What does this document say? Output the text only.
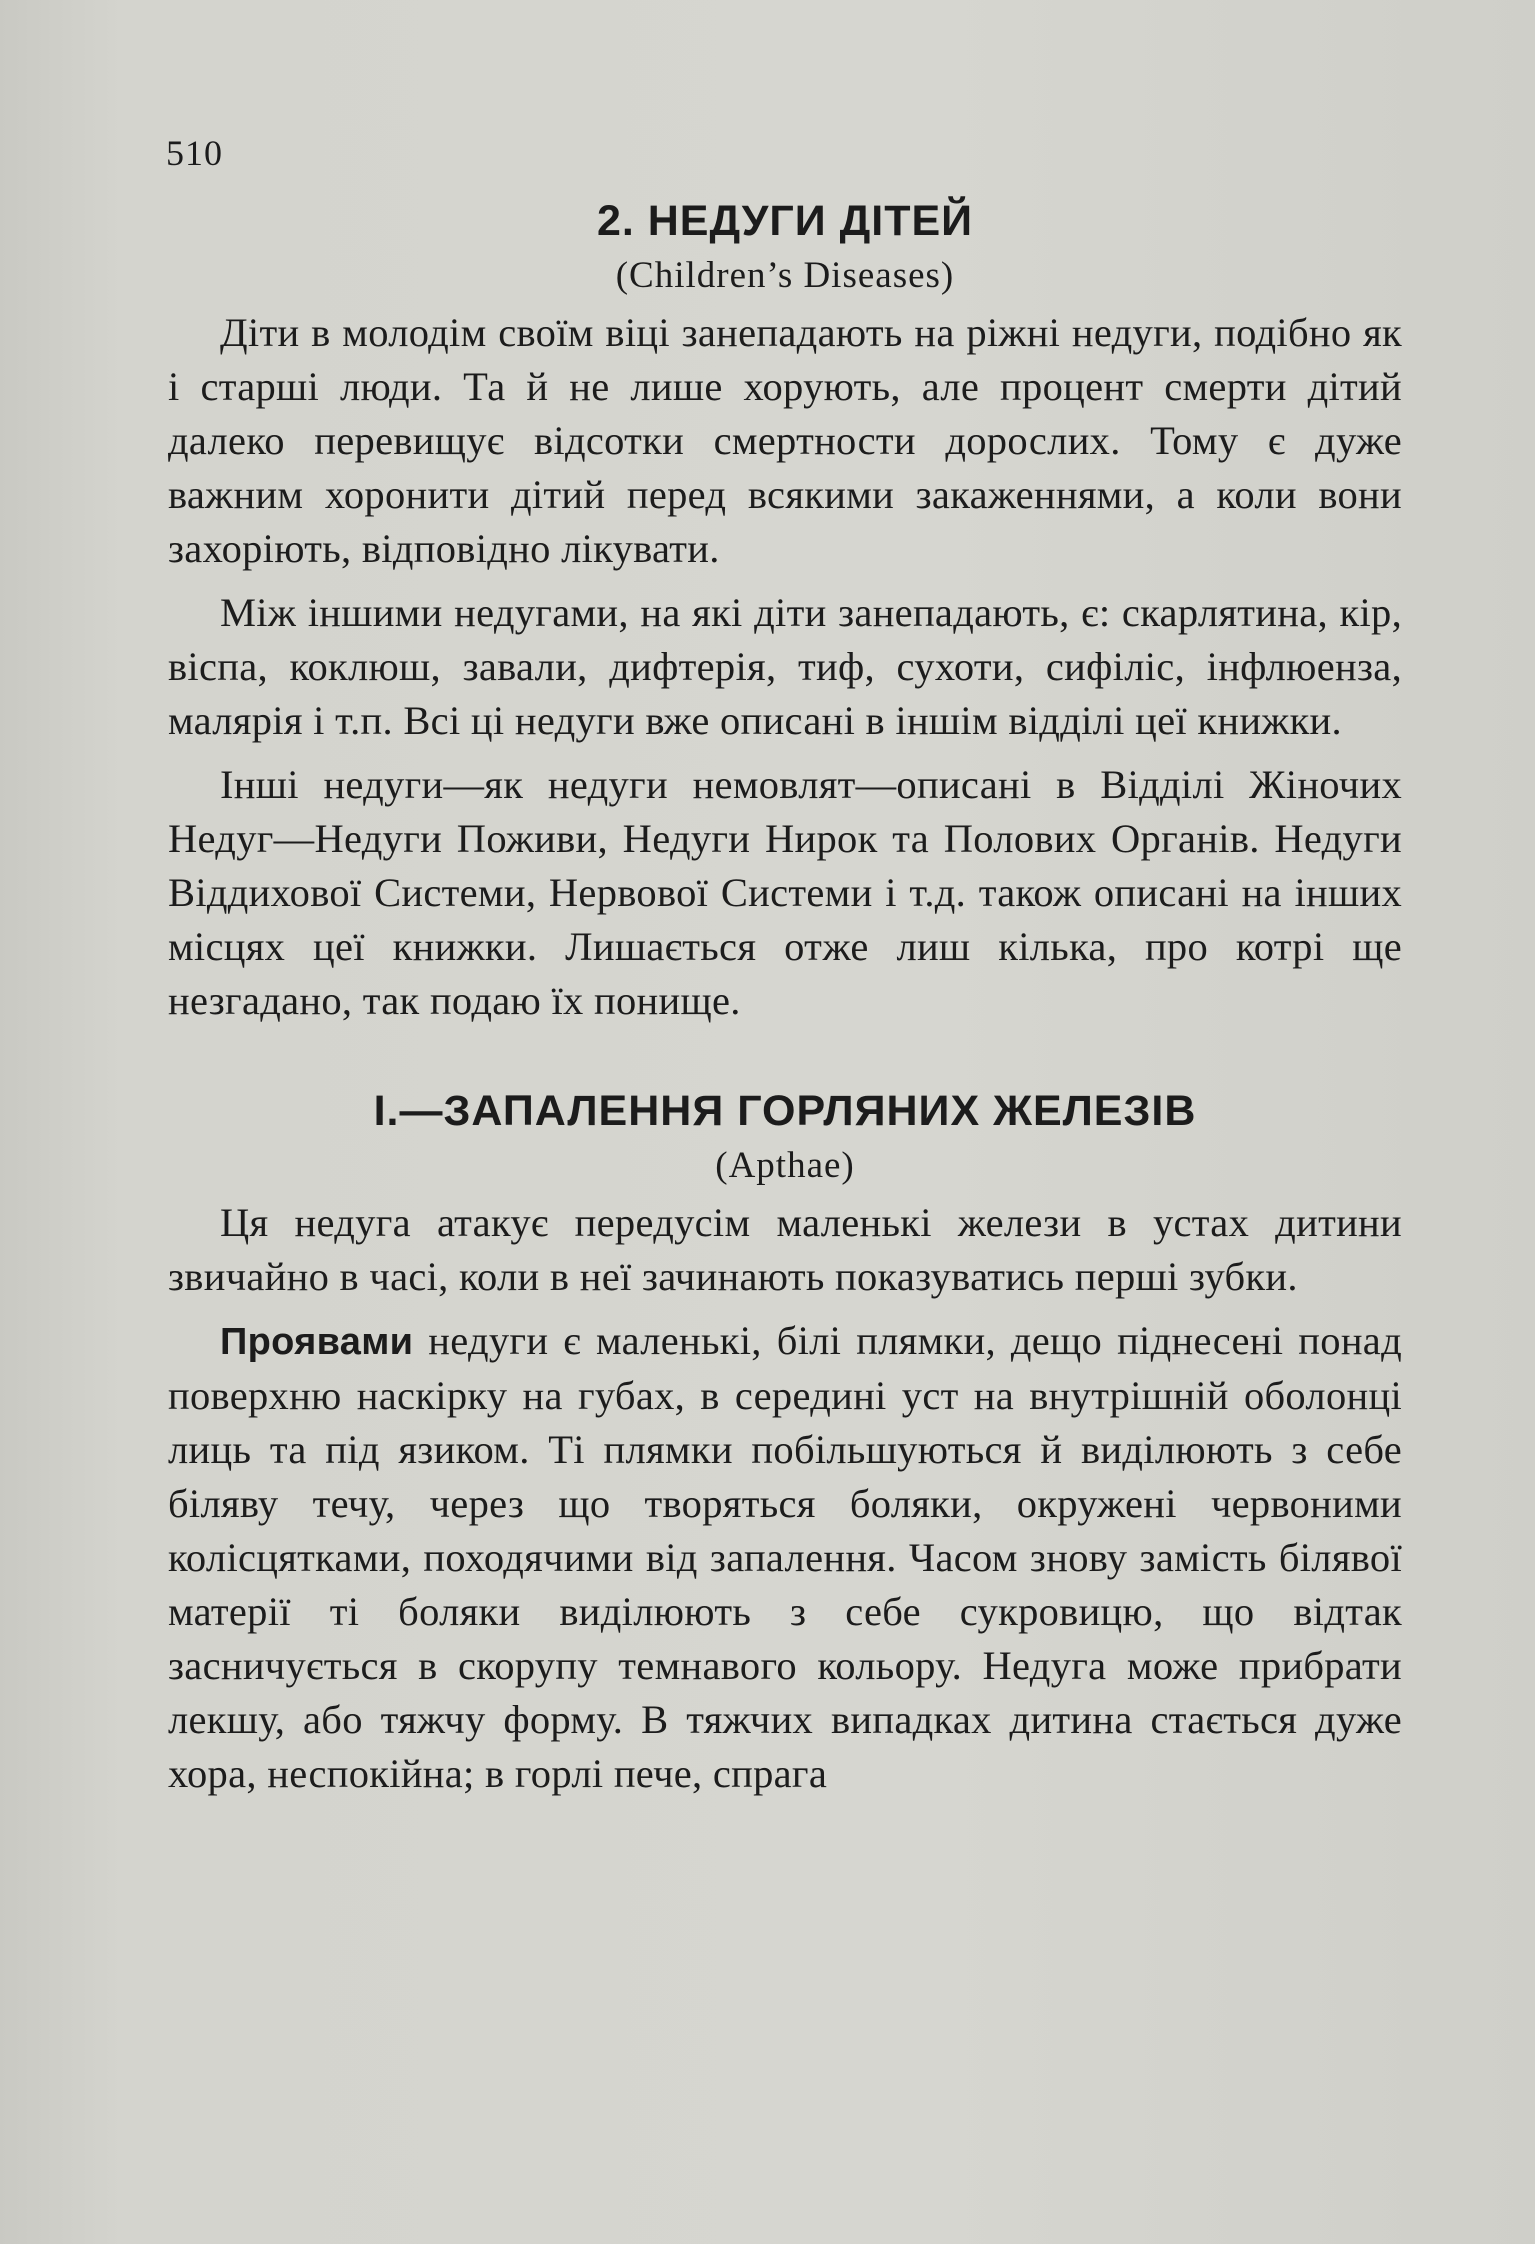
510
2. НЕДУГИ ДІТЕЙ

(Children’s Diseases)

Діти в молодім своїм віці занепадають на ріжні недуги, подібно як і старші люди. Та й не лише хорують, але процент смерти дітий далеко перевищує відсотки смертности дорослих. Тому є дуже важним хоронити дітий перед всякими закаженнями, а коли вони захоріють, відповідно лікувати.

Між іншими недугами, на які діти занепадають, є: скарлятина, кір, віспа, коклюш, завали, дифтерія, тиф, сухоти, сифіліс, інфлюенза, малярія і т.п. Всі ці недуги вже описані в іншім відділі цеї книжки.

Інші недуги—як недуги немовлят—описані в Відділі Жіночих Недуг—Недуги Поживи, Недуги Нирок та Полових Органів. Недуги Віддихової Системи, Нервової Системи і т.д. також описані на інших місцях цеї книжки. Лишається отже лиш кілька, про котрі ще незгадано, так подаю їх понище.

I.—ЗАПАЛЕННЯ ГОРЛЯНИХ ЖЕЛЕЗІВ

(Apthae)

Ця недуга атакує передусім маленькі желези в устах дитини звичайно в часі, коли в неї зачинають показуватись перші зубки.

Проявами недуги є маленькі, білі плямки, дещо піднесені понад поверхню наскірку на губах, в середині уст на внутрішній оболонці лиць та під язиком. Ті плямки побільшуються й виділюють з себе біляву течу, через що творяться боляки, окружені червоними колісцятками, походячими від запалення. Часом знову замість білявої матерії ті боляки виділюють з себе сукровицю, що відтак засничується в скорупу темнавого кольору. Недуга може прибрати лекшу, або тяжчу форму. В тяжчих випадках дитина стається дуже хора, неспокійна; в горлі пече, спрага
